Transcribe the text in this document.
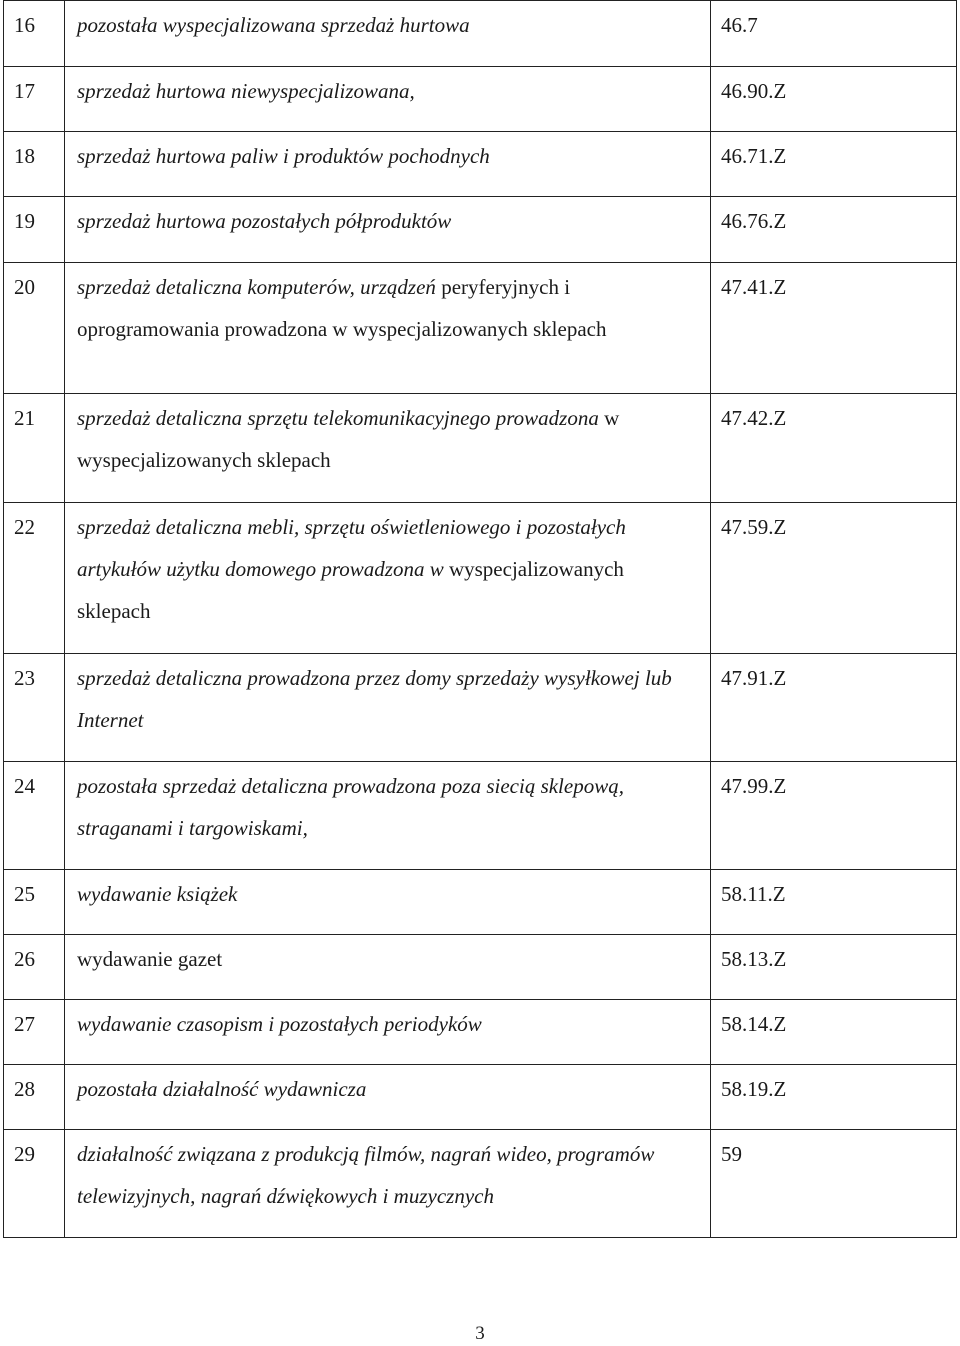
16	pozostała wyspecjalizowana sprzedaż hurtowa	46.7
17	sprzedaż hurtowa niewyspecjalizowana,	46.90.Z
18	sprzedaż hurtowa paliw i produktów pochodnych	46.71.Z
19	sprzedaż hurtowa pozostałych półproduktów	46.76.Z
20	sprzedaż detaliczna komputerów, urządzeń peryferyjnych i oprogramowania prowadzona w wyspecjalizowanych sklepach	47.41.Z
21	sprzedaż detaliczna sprzętu telekomunikacyjnego prowadzona w wyspecjalizowanych sklepach	47.42.Z
22	sprzedaż detaliczna mebli, sprzętu oświetleniowego i pozostałych artykułów użytku domowego prowadzona w wyspecjalizowanych sklepach	47.59.Z
23	sprzedaż detaliczna prowadzona przez domy sprzedaży wysyłkowej lub Internet	47.91.Z
24	pozostała sprzedaż detaliczna prowadzona poza siecią sklepową, straganami i targowiskami,	47.99.Z
25	wydawanie książek	58.11.Z
26	wydawanie gazet	58.13.Z
27	wydawanie czasopism i pozostałych periodyków	58.14.Z
28	pozostała działalność wydawnicza	58.19.Z
29	działalność związana z produkcją filmów, nagrań wideo, programów telewizyjnych, nagrań dźwiękowych i muzycznych	59
3
